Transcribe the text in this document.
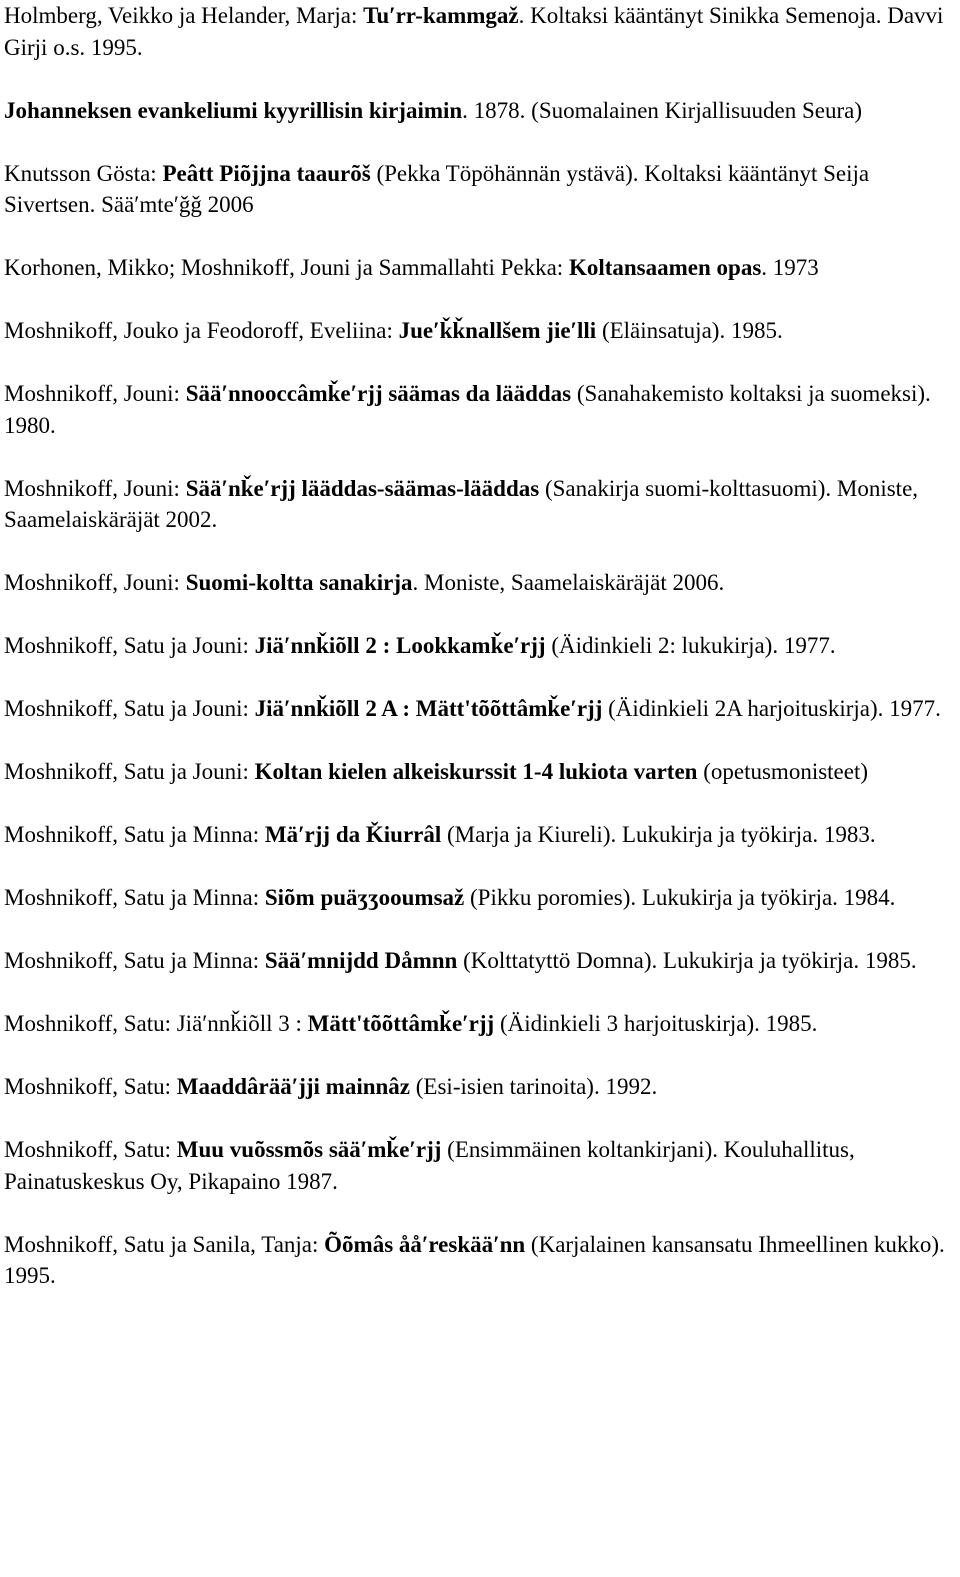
Holmberg, Veikko ja Helander, Marja: Tuʹrr-kammgaž. Koltaksi kääntänyt Sinikka Semenoja. Davvi Girji o.s. 1995.
Johanneksen evankeliumi kyyrillisin kirjaimin. 1878. (Suomalainen Kirjallisuuden Seura)
Knutsson Gösta: Peâtt Piõjjna taaurõš (Pekka Töpöhännän ystävä). Koltaksi kääntänyt Seija Sivertsen. Sääʹmteʹǧǧ 2006
Korhonen, Mikko; Moshnikoff, Jouni ja Sammallahti Pekka: Koltansaamen opas. 1973
Moshnikoff, Jouko ja Feodoroff, Eveliina: Jueʹǩǩnallšem jieʹlli (Eläinsatuja). 1985.
Moshnikoff, Jouni: Sääʹnnooccâmǩeʹrjj säämas da lääddas (Sanahakemisto koltaksi ja suomeksi). 1980.
Moshnikoff, Jouni: Sääʹnǩeʹrjj lääddas-säämas-lääddas (Sanakirja suomi-kolttasuomi). Moniste, Saamelaiskäräjät 2002.
Moshnikoff, Jouni: Suomi-koltta sanakirja. Moniste, Saamelaiskäräjät 2006.
Moshnikoff, Satu ja Jouni: Jiäʹnnǩiõll 2 : Lookkamǩeʹrjj (Äidinkieli 2: lukukirja). 1977.
Moshnikoff, Satu ja Jouni: Jiäʹnnǩiõll 2 A : Mätt'tõõttâmǩeʹrjj (Äidinkieli 2A harjoituskirja). 1977.
Moshnikoff, Satu ja Jouni: Koltan kielen alkeiskurssit 1-4 lukiota varten (opetusmonisteet)
Moshnikoff, Satu ja Minna: Mäʹrjj da Ǩiurrâl (Marja ja Kiureli). Lukukirja ja työkirja. 1983.
Moshnikoff, Satu ja Minna: Siõm puäʒʒooumsaž (Pikku poromies). Lukukirja ja työkirja. 1984.
Moshnikoff, Satu ja Minna: Sääʹmnijdd Dåmnn (Kolttatyttö Domna). Lukukirja ja työkirja. 1985.
Moshnikoff, Satu: Jiäʹnnǩiõll 3 : Mätt'tõõttâmǩeʹrjj (Äidinkieli 3 harjoituskirja). 1985.
Moshnikoff, Satu: Maaddârääʹjji mainnâz (Esi-isien tarinoita). 1992.
Moshnikoff, Satu: Muu vuõssmõs sääʹmǩeʹrjj (Ensimmäinen koltankirjani). Kouluhallitus, Painatuskeskus Oy, Pikapaino 1987.
Moshnikoff, Satu ja Sanila, Tanja: Õõmâs ååʹreskääʹnn (Karjalainen kansansatu Ihmeellinen kukko). 1995.
